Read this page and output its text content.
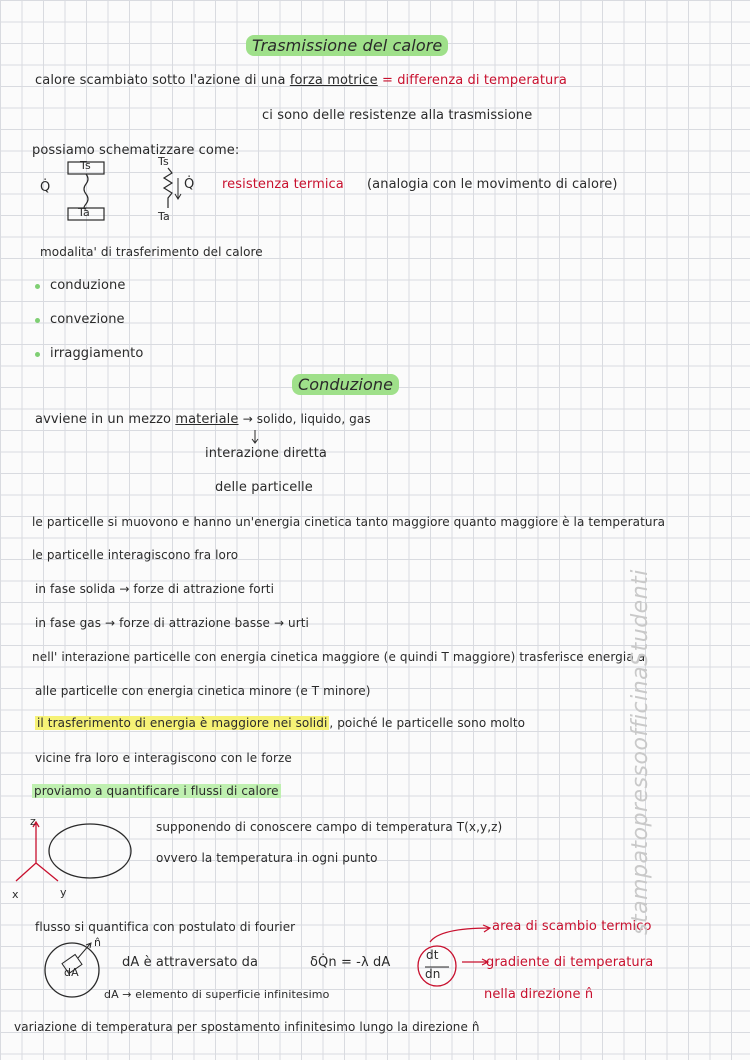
Trasmissione del calore
calore scambiato sotto l'azione di una forza motrice = differenza di temperatura
ci sono delle resistenze alla trasmissione
possiamo schematizzare come:
Q̇
Ts
Ta
Ts
Ta
Q̇ resistenza termica (analogia con le movimento di calore)
modalita' di trasferimento del calore
conduzione
convezione
irraggiamento
Conduzione
avviene in un mezzo materiale → solido, liquido, gas
interazione diretta
delle particelle
le particelle si muovono e hanno un'energia cinetica tanto maggiore quanto maggiore è la temperatura
le particelle interagiscono fra loro
in fase solida → forze di attrazione forti
in fase gas → forze di attrazione basse → urti
nell' interazione particelle con energia cinetica maggiore (e quindi T maggiore) trasferisce energia a
alle particelle con energia cinetica minore (e T minore)
il trasferimento di energia è maggiore nei solidi , poiché le particelle sono molto
vicine fra loro e interagiscono con le forze
proviamo a quantificare i flussi di calore
z
x	y
supponendo di conoscere campo di temperatura T(x,y,z)
ovvero la temperatura in ogni punto
flusso si quantifica con postulato di fourier
dA
n̂
dA è attraversato da	δQ̇n = -λ dA	dt
dn
dA → elemento di superficie infinitesimo
area di scambio termico
gradiente di temperatura
nella direzione n̂
variazione di temperatura per spostamento infinitesimo lungo la direzione n̂
stampatopressoofficinaStudenti
